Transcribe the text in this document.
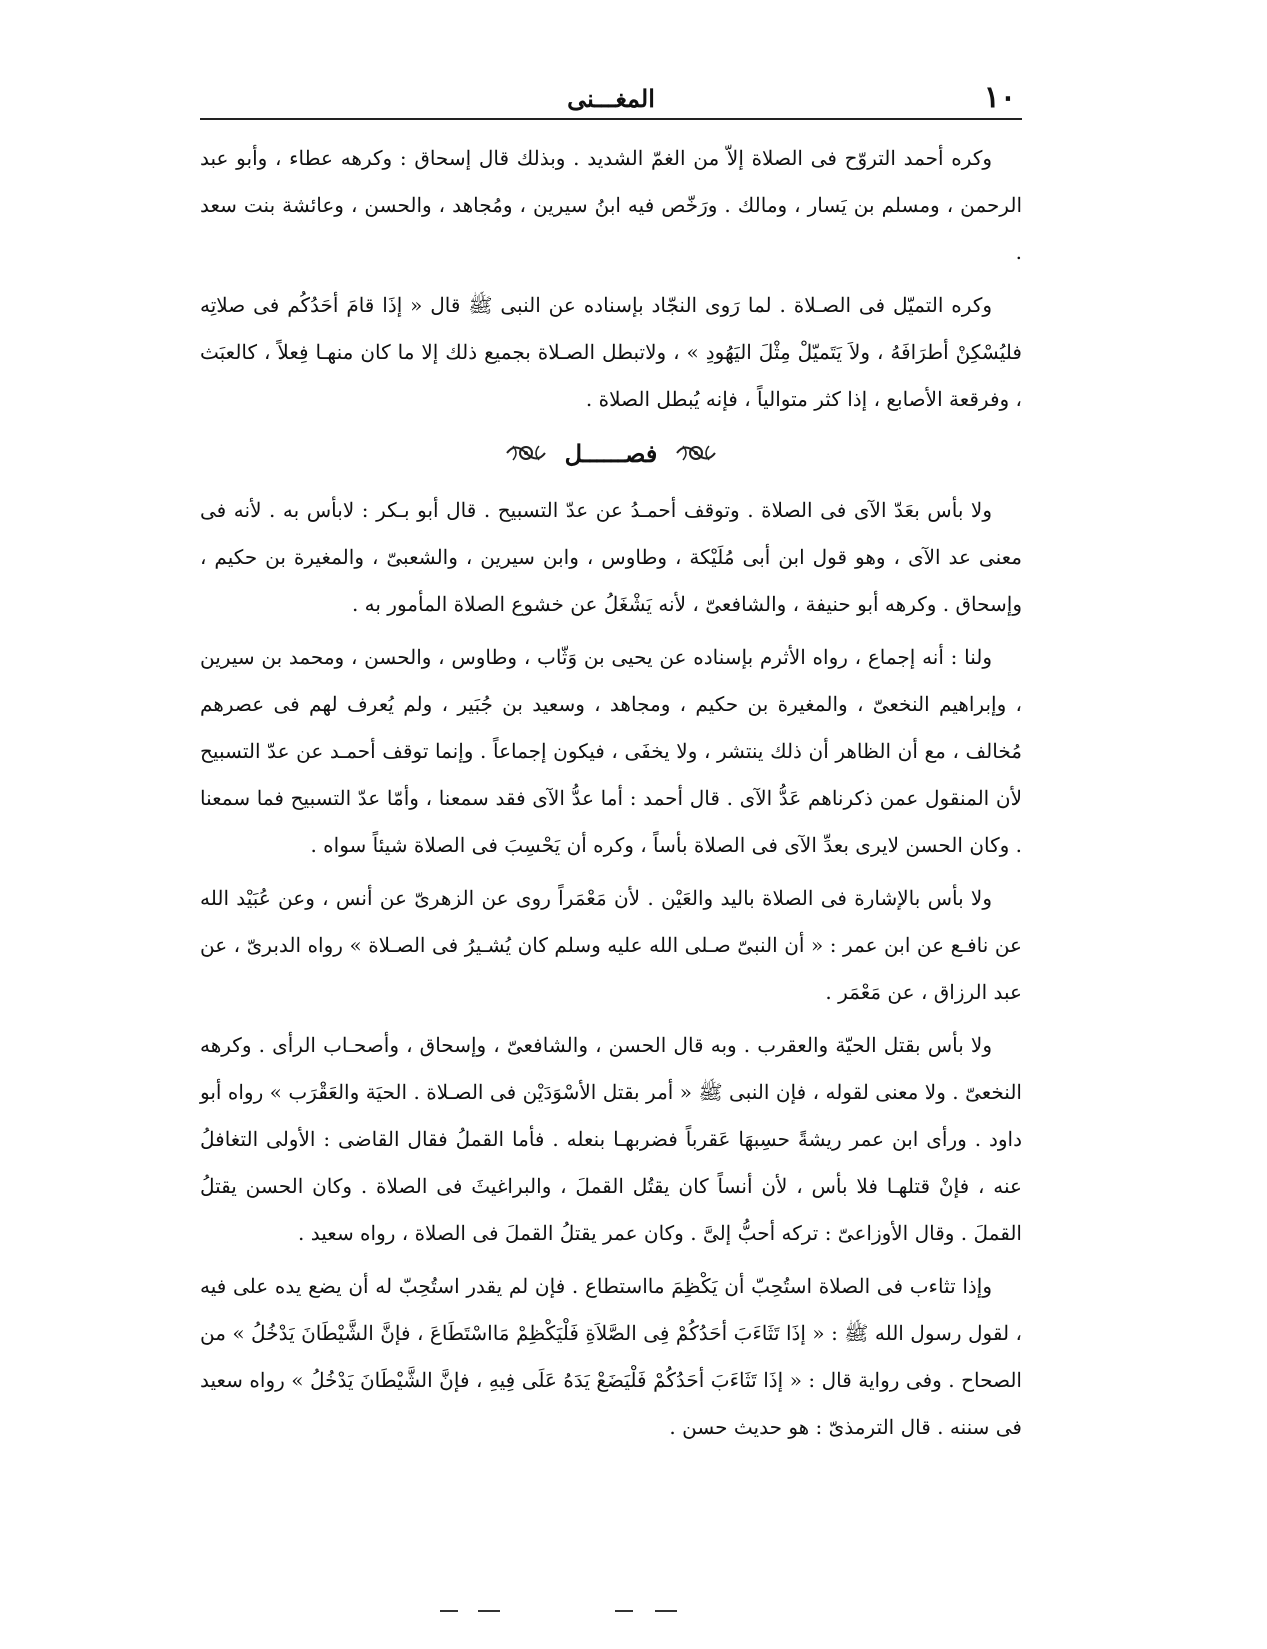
١٠
المغـــنى

وكره أحمد التروّح فى الصلاة إلاّ من الغمّ الشديد . وبذلك قال إسحاق : وكرهه عطاء ، وأبو عبد الرحمن ، ومسلم بن يَسار ، ومالك . ورَخّص فيه ابنُ سيرين ، ومُجاهد ، والحسن ، وعائشة بنت سعد .

وكره التميّل فى الصـلاة . لما رَوى النجّاد بإسناده عن النبى ﷺ قال « إذَا قامَ أحَدُكُم فى صلاتِه فليُسْكِنْ أطرَافَهُ ، ولاَ يَتَميّلْ مِثْلَ اليَهُودِ » ، ولاتبطل الصـلاة بجميع ذلك إلا ما كان منهـا فِعلاً ، كالعبَث ، وفرقعة الأصابع ، إذا كثر متوالياً ، فإنه يُبطل الصلاة .

فصــــــل

ولا بأس بعَدّ الآى فى الصلاة . وتوقف أحمـدُ عن عدّ التسبيح . قال أبو بـكر : لابأس به . لأنه فى معنى عد الآى ، وهو قول ابن أبى مُلَيْكة ، وطاوس ، وابن سيرين ، والشعبىّ ، والمغيرة بن حكيم ، وإسحاق . وكرهه أبو حنيفة ، والشافعىّ ، لأنه يَشْغَلُ عن خشوع الصلاة المأمور به .

ولنا : أنه إجماع ، رواه الأثرم بإسناده عن يحيى بن وَثّاب ، وطاوس ، والحسن ، ومحمد بن سيرين ، وإبراهيم النخعىّ ، والمغيرة بن حكيم ، ومجاهد ، وسعيد بن جُبَير ، ولم يُعرف لهم فى عصرهم مُخالف ، مع أن الظاهر أن ذلك ينتشر ، ولا يخفَى ، فيكون إجماعاً . وإنما توقف أحمـد عن عدّ التسبيح لأن المنقول عمن ذكرناهم عَدُّ الآى . قال أحمد : أما عدُّ الآى فقد سمعنا ، وأمّا عدّ التسبيح فما سمعنا . وكان الحسن لايرى بعدِّ الآى فى الصلاة بأساً ، وكره أن يَحْسِبَ فى الصلاة شيئاً سواه .

ولا بأس بالإشارة فى الصلاة باليد والعَيْن . لأن مَعْمَراً روى عن الزهرىّ عن أنس ، وعن عُبَيْد الله عن نافـع عن ابن عمر : « أن النبىّ صـلى الله عليه وسلم كان يُشـيرُ فى الصـلاة » رواه الدبرىّ ، عن عبد الرزاق ، عن مَعْمَر .

ولا بأس بقتل الحيّة والعقرب . وبه قال الحسن ، والشافعىّ ، وإسحاق ، وأصحـاب الرأى . وكرهه النخعىّ . ولا معنى لقوله ، فإن النبى ﷺ « أمر بقتل الأسْوَدَيْن فى الصـلاة . الحيَة والعَقْرَب » رواه أبو داود . ورأى ابن عمر ريشةً حسِبهَا عَقرباً فضربهـا بنعله . فأما القملُ فقال القاضى : الأولى التغافلُ عنه ، فإنْ قتلهـا فلا بأس ، لأن أنساً كان يقتُل القملَ ، والبراغيثَ فى الصلاة . وكان الحسن يقتلُ القملَ . وقال الأوزاعىّ : تركه أحبُّ إلىَّ . وكان عمر يقتلُ القملَ فى الصلاة ، رواه سعيد .

وإذا تثاءب فى الصلاة استُحِبّ أن يَكْظِمَ مااستطاع . فإن لم يقدر استُحِبّ له أن يضع يده على فيه ، لقول رسول الله ﷺ : « إذَا تَثَاءَبَ أحَدُكُمْ فِى الصَّلاَةِ فَلْيَكْظِمْ مَااسْتَطَاعَ ، فإنَّ الشَّيْطَانَ يَدْخُلُ » من الصحاح . وفى رواية قال : « إذَا تَثَاءَبَ أحَدُكُمْ فَلْيَضَعْ يَدَهُ عَلَى فِيهِ ، فإنَّ الشَّيْطَانَ يَدْخُلُ » رواه سعيد فى سننه . قال الترمذىّ : هو حديث حسن .
